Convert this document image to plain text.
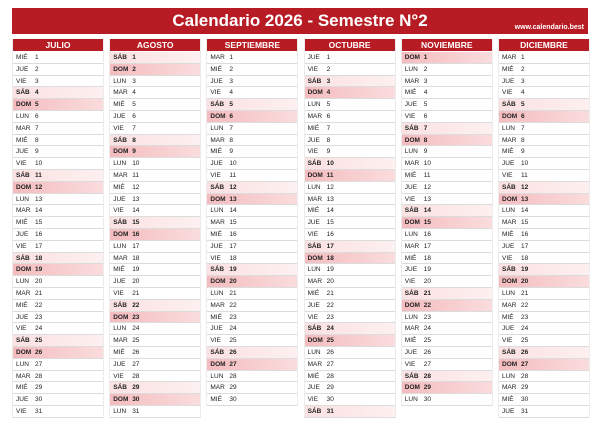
Calendario 2026 - Semestre N°2	www.calendario.best
JULIO
MIÉ 1
JUE 2
VIE 3
SÁB 4
DOM 5
LUN 6
MAR 7
MIÉ 8
JUE 9
VIE 10
SÁB 11
DOM 12
LUN 13
MAR 14
MIÉ 15
JUE 16
VIE 17
SÁB 18
DOM 19
LUN 20
MAR 21
MIÉ 22
JUE 23
VIE 24
SÁB 25
DOM 26
LUN 27
MAR 28
MIÉ 29
JUE 30
VIE 31
AGOSTO
SÁB 1
DOM 2
LUN 3
MAR 4
MIÉ 5
JUE 6
VIE 7
SÁB 8
DOM 9
LUN 10
MAR 11
MIÉ 12
JUE 13
VIE 14
SÁB 15
DOM 16
LUN 17
MAR 18
MIÉ 19
JUE 20
VIE 21
SÁB 22
DOM 23
LUN 24
MAR 25
MIÉ 26
JUE 27
VIE 28
SÁB 29
DOM 30
LUN 31
SEPTIEMBRE
MAR 1
MIÉ 2
JUE 3
VIE 4
SÁB 5
DOM 6
LUN 7
MAR 8
MIÉ 9
JUE 10
VIE 11
SÁB 12
DOM 13
LUN 14
MAR 15
MIÉ 16
JUE 17
VIE 18
SÁB 19
DOM 20
LUN 21
MAR 22
MIÉ 23
JUE 24
VIE 25
SÁB 26
DOM 27
LUN 28
MAR 29
MIÉ 30
OCTUBRE
JUE 1
VIE 2
SÁB 3
DOM 4
LUN 5
MAR 6
MIÉ 7
JUE 8
VIE 9
SÁB 10
DOM 11
LUN 12
MAR 13
MIÉ 14
JUE 15
VIE 16
SÁB 17
DOM 18
LUN 19
MAR 20
MIÉ 21
JUE 22
VIE 23
SÁB 24
DOM 25
LUN 26
MAR 27
MIÉ 28
JUE 29
VIE 30
SÁB 31
NOVIEMBRE
DOM 1
LUN 2
MAR 3
MIÉ 4
JUE 5
VIE 6
SÁB 7
DOM 8
LUN 9
MAR 10
MIÉ 11
JUE 12
VIE 13
SÁB 14
DOM 15
LUN 16
MAR 17
MIÉ 18
JUE 19
VIE 20
SÁB 21
DOM 22
LUN 23
MAR 24
MIÉ 25
JUE 26
VIE 27
SÁB 28
DOM 29
LUN 30
DICIEMBRE
MAR 1
MIÉ 2
JUE 3
VIE 4
SÁB 5
DOM 6
LUN 7
MAR 8
MIÉ 9
JUE 10
VIE 11
SÁB 12
DOM 13
LUN 14
MAR 15
MIÉ 16
JUE 17
VIE 18
SÁB 19
DOM 20
LUN 21
MAR 22
MIÉ 23
JUE 24
VIE 25
SÁB 26
DOM 27
LUN 28
MAR 29
MIÉ 30
JUE 31
